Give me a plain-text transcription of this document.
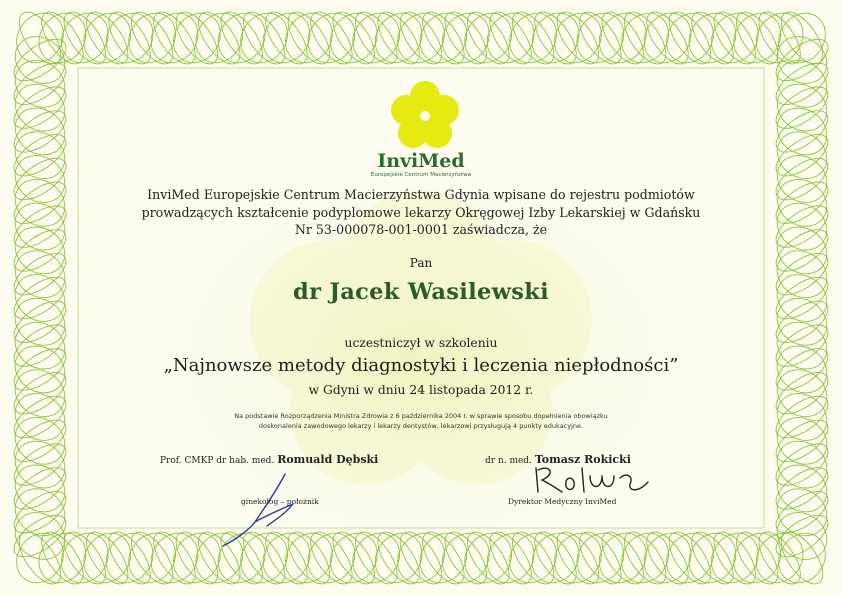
InviMed
Europejskie Centrum Macierzyństwa
InviMed Europejskie Centrum Macierzyństwa Gdynia wpisane do rejestru podmiotów
prowadzących kształcenie podyplomowe lekarzy Okręgowej Izby Lekarskiej w Gdańsku
Nr 53-000078-001-0001 zaświadcza, że
Pan
dr Jacek Wasilewski
uczestniczył w szkoleniu
„Najnowsze metody diagnostyki i leczenia niepłodności”
w Gdyni w dniu 24 listopada 2012 r.
Na podstawie Rozporządzenia Ministra Zdrowia z 6 października 2004 r. w sprawie sposobu dopełnienia obowiązku
doskonalenia zawodowego lekarzy i lekarzy dentystów, lekarzowi przysługują 4 punkty edukacyjne.
Prof. CMKP dr hab. med. Romuald Dębski	dr n. med. Tomasz Rokicki
ginekolog – położnik	Dyrektor Medyczny InviMed
